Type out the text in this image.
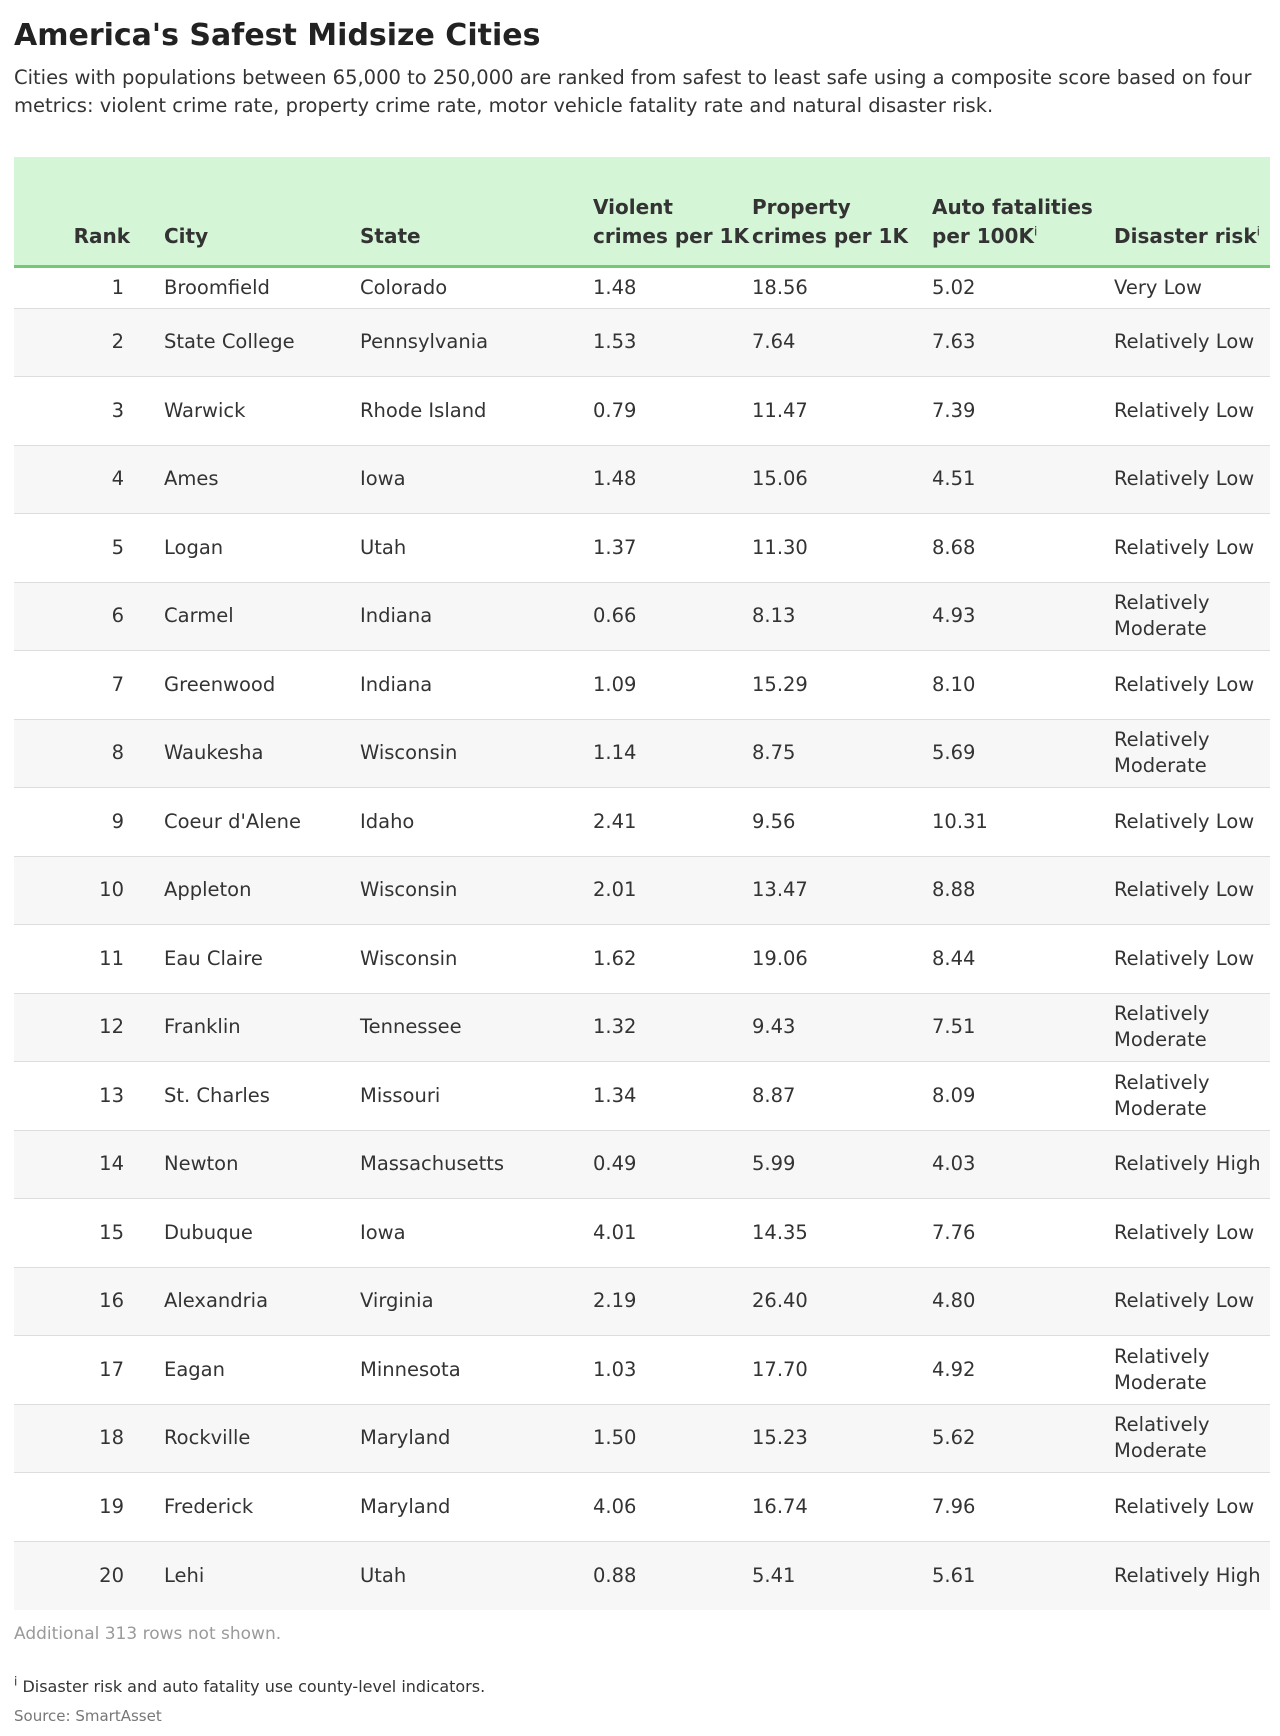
America's Safest Midsize Cities

Cities with populations between 65,000 to 250,000 are ranked from safest to least safe using a composite score based on four metrics: violent crime rate, property crime rate, motor vehicle fatality rate and natural disaster risk.

Rank	City	State	Violent crimes per 1K	Property crimes per 1K	Auto fatalities per $100K^i$	Disaster risk$^i$
1	Broomfield	Colorado	1.48	18.56	5.02	Very Low
2	State College	Pennsylvania	1.53	7.64	7.63	Relatively Low
3	Warwick	Rhode Island	0.79	11.47	7.39	Relatively Low
4	Ames	Iowa	1.48	15.06	4.51	Relatively Low
5	Logan	Utah	1.37	11.30	8.68	Relatively Low
6	Carmel	Indiana	0.66	8.13	4.93	Relatively Moderate
7	Greenwood	Indiana	1.09	15.29	8.10	Relatively Low
8	Waukesha	Wisconsin	1.14	8.75	5.69	Relatively Moderate
9	Coeur d'Alene	Idaho	2.41	9.56	10.31	Relatively Low
10	Appleton	Wisconsin	2.01	13.47	8.88	Relatively Low
11	Eau Claire	Wisconsin	1.62	19.06	8.44	Relatively Low
12	Franklin	Tennessee	1.32	9.43	7.51	Relatively Moderate
13	St. Charles	Missouri	1.34	8.87	8.09	Relatively Moderate
14	Newton	Massachusetts	0.49	5.99	4.03	Relatively High
15	Dubuque	Iowa	4.01	14.35	7.76	Relatively Low
16	Alexandria	Virginia	2.19	26.40	4.80	Relatively Low
17	Eagan	Minnesota	1.03	17.70	4.92	Relatively Moderate
18	Rockville	Maryland	1.50	15.23	5.62	Relatively Moderate
19	Frederick	Maryland	4.06	16.74	7.96	Relatively Low
20	Lehi	Utah	0.88	5.41	5.61	Relatively High

Additional 313 rows not shown.

$^i$ Disaster risk and auto fatality use county-level indicators.

Source: SmartAsset
